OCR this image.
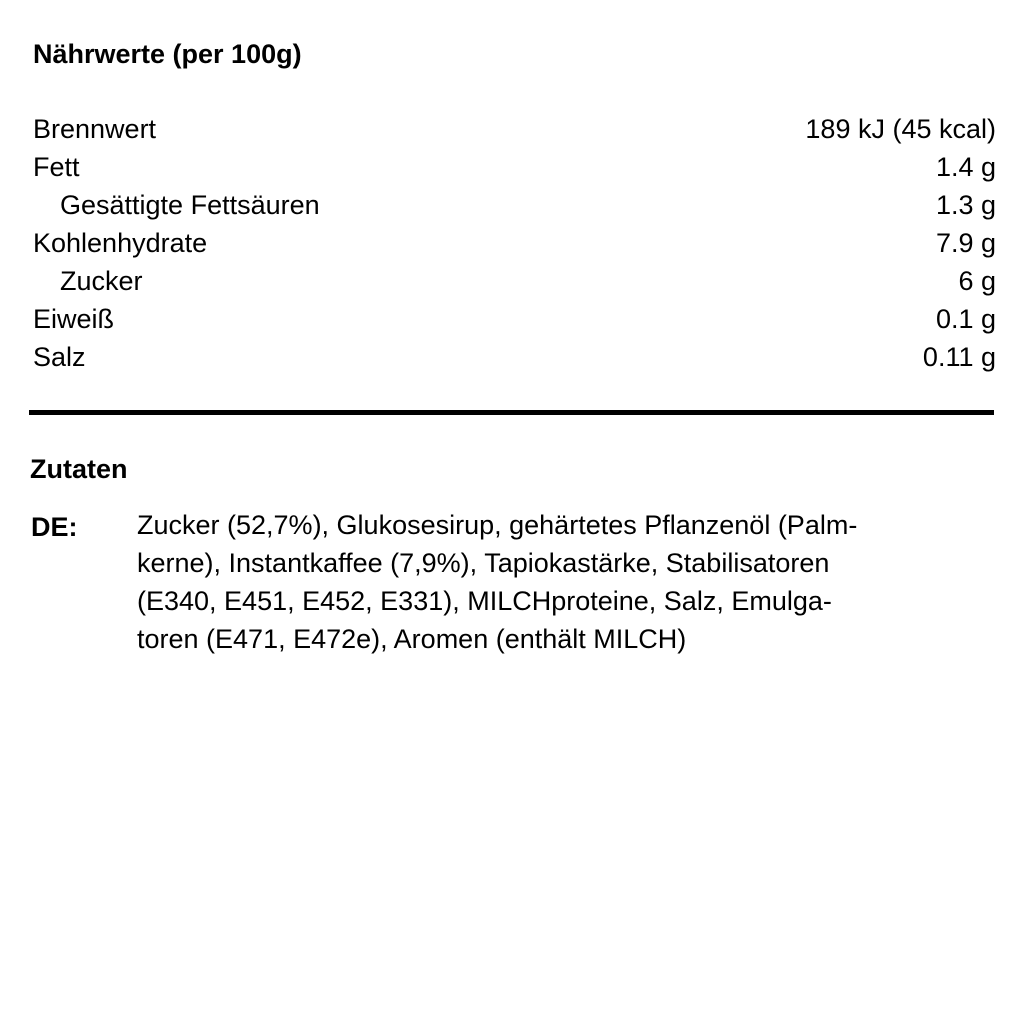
Nährwerte (per 100g)
Brennwert	189 kJ (45 kcal)
Fett	1.4 g
Gesättigte Fettsäuren	1.3 g
Kohlenhydrate	7.9 g
Zucker	6 g
Eiweiß	0.1 g
Salz	0.11 g
Zutaten
DE: Zucker (52,7%), Glukosesirup, gehärtetes Pflanzenöl (Palm-
kerne), Instantkaffee (7,9%), Tapiokastärke, Stabilisatoren
(E340, E451, E452, E331), MILCHproteine, Salz, Emulga-
toren (E471, E472e), Aromen (enthält MILCH)
